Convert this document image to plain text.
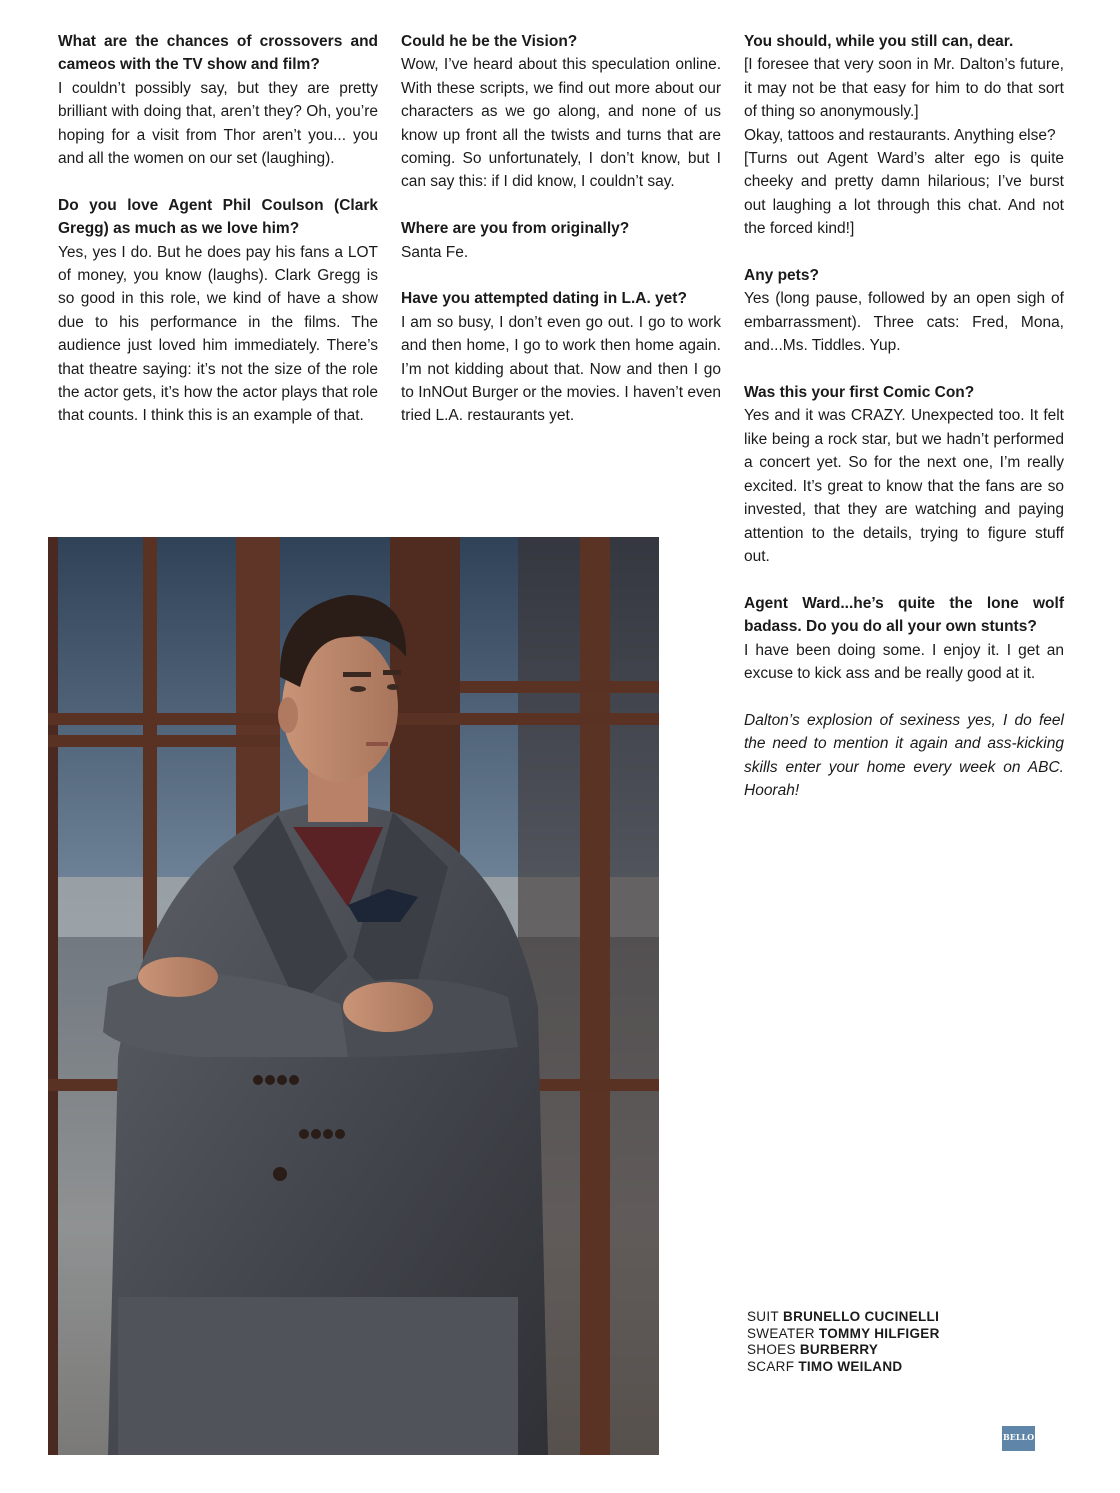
What are the chances of crossovers and cameos with the TV show and film?

I couldn’t possibly say, but they are pretty brilliant with doing that, aren’t they? Oh, you’re hoping for a visit from Thor aren’t you... you and all the women on our set (laughing).

Do you love Agent Phil Coulson (Clark Gregg) as much as we love him?

Yes, yes I do. But he does pay his fans a LOT of money, you know (laughs). Clark Gregg is so good in this role, we kind of have a show due to his performance in the films. The audience just loved him immediately. There’s that theatre saying: it’s not the size of the role the actor gets, it’s how the actor plays that role that counts. I think this is an example of that.

Could he be the Vision?

Wow, I’ve heard about this speculation online. With these scripts, we find out more about our characters as we go along, and none of us know up front all the twists and turns that are coming. So unfortunately, I don’t know, but I can say this: if I did know, I couldn’t say.

Where are you from originally?

Santa Fe.

Have you attempted dating in L.A. yet?

I am so busy, I don’t even go out. I go to work and then home, I go to work then home again. I’m not kidding about that. Now and then I go to InNOut Burger or the movies. I haven’t even tried L.A. restaurants yet.

You should, while you still can, dear.

[I foresee that very soon in Mr. Dalton’s future, it may not be that easy for him to do that sort of thing so anonymously.]

Okay, tattoos and restaurants. Anything else?

[Turns out Agent Ward’s alter ego is quite cheeky and pretty damn hilarious; I’ve burst out laughing a lot through this chat. And not the forced kind!]

Any pets?

Yes (long pause, followed by an open sigh of embarrassment). Three cats: Fred, Mona, and...Ms. Tiddles. Yup.

Was this your first Comic Con?

Yes and it was CRAZY. Unexpected too. It felt like being a rock star, but we hadn’t performed a concert yet. So for the next one, I’m really excited. It’s great to know that the fans are so invested, that they are watching and paying attention to the details, trying to figure stuff out.

Agent Ward...he’s quite the lone wolf badass. Do you do all your own stunts?

I have been doing some. I enjoy it. I get an excuse to kick ass and be really good at it.

Dalton’s explosion of sexiness yes, I do feel the need to mention it again and ass-kicking skills enter your home every week on ABC. Hoorah!

SUIT BRUNELLO CUCINELLI
SWEATER TOMMY HILFIGER
SHOES BURBERRY
SCARF TIMO WEILAND
BELLO
